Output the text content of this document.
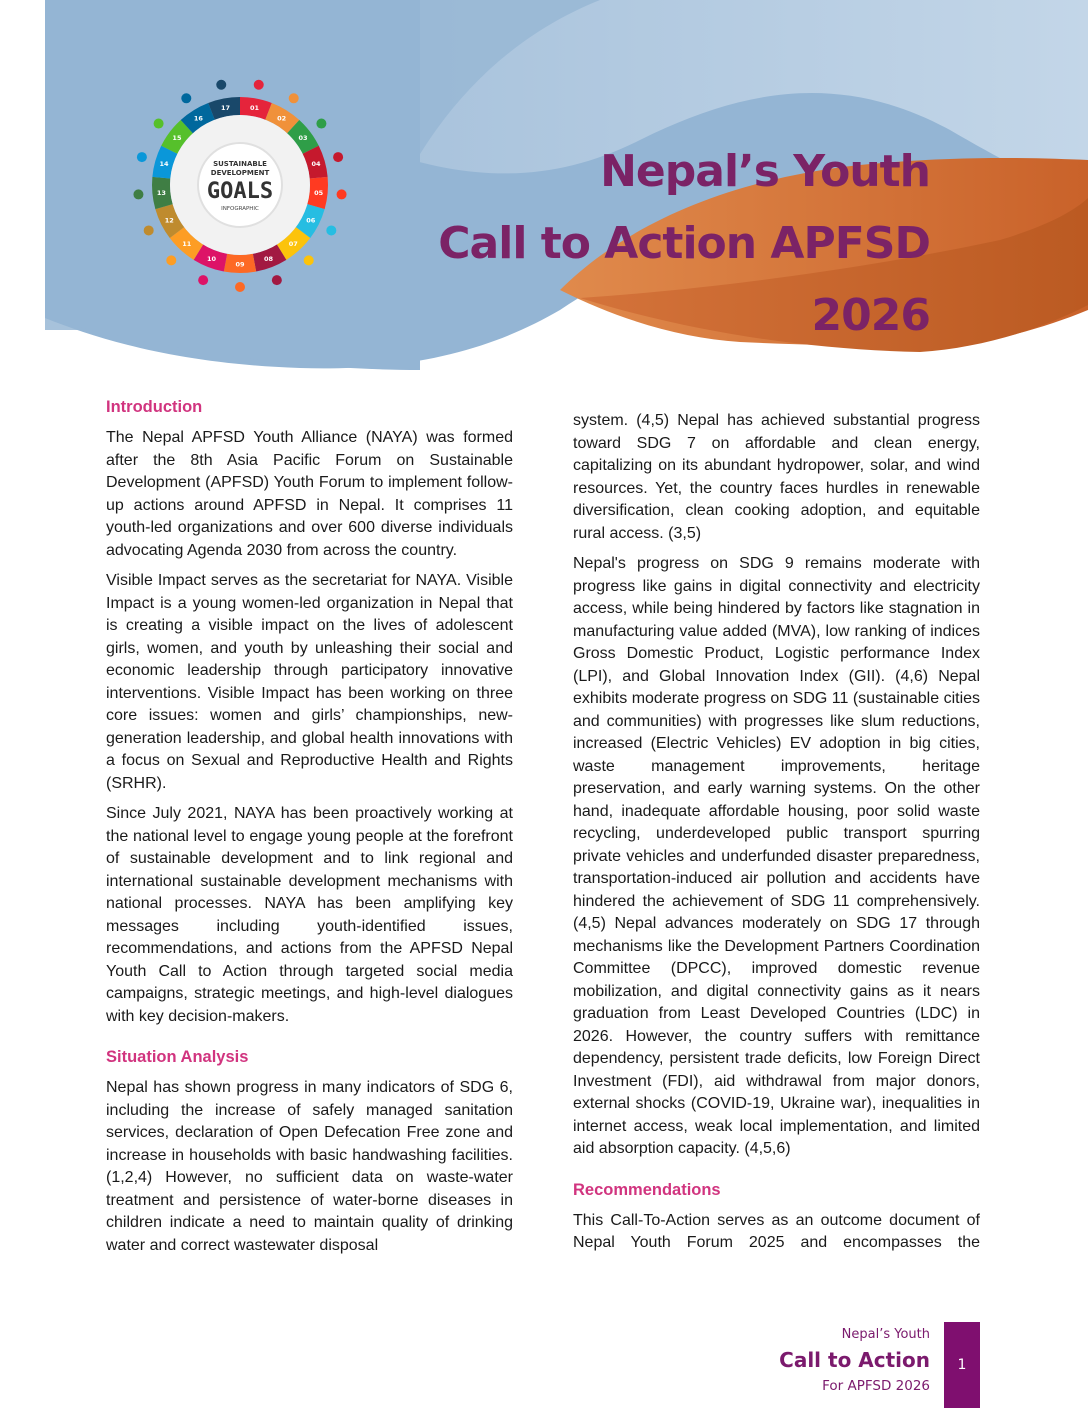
01
02
03
04
05
06
07
08
09
10
11
12
13
14
15
16
17
SUSTAINABLE
DEVELOPMENT
GOALS
INFOGRAPHIC
Nepal’s Youth
Call to Action APFSD
2026
Introduction

The Nepal APFSD Youth Alliance (NAYA) was formed after the 8th Asia Pacific Forum on Sustainable Development (APFSD) Youth Forum to implement follow-up actions around APFSD in Nepal. It comprises 11 youth-led organizations and over 600 diverse individuals advocating Agenda 2030 from across the country.

Visible Impact serves as the secretariat for NAYA. Visible Impact is a young women-led organization in Nepal that is creating a visible impact on the lives of adolescent girls, women, and youth by unleashing their social and economic leadership through participatory innovative interventions. Visible Impact has been working on three core issues: women and girls’ championships, new-generation leadership, and global health innovations with a focus on Sexual and Reproductive Health and Rights (SRHR).

Since July 2021, NAYA has been proactively working at the national level to engage young people at the forefront of sustainable development and to link regional and international sustainable development mechanisms with national processes. NAYA has been amplifying key messages including youth-identified issues, recommendations, and actions from the APFSD Nepal Youth Call to Action through targeted social media campaigns, strategic meetings, and high-level dialogues with key decision-makers.

Situation Analysis

Nepal has shown progress in many indicators of SDG 6, including the increase of safely managed sanitation services, declaration of Open Defecation Free zone and increase in households with basic handwashing facilities.(1,2,4) However, no sufficient data on waste-water treatment and persistence of water-borne diseases in children indicate a need to maintain quality of drinking water and correct wastewater disposal

system. (4,5) Nepal has achieved substantial progress toward SDG 7 on affordable and clean energy, capitalizing on its abundant hydropower, solar, and wind resources. Yet, the country faces hurdles in renewable diversification, clean cooking adoption, and equitable rural access. (3,5)

Nepal's progress on SDG 9 remains moderate with progress like gains in digital connectivity and electricity access, while being hindered by factors like stagnation in manufacturing value added (MVA), low ranking of indices Gross Domestic Product, Logistic performance Index (LPI), and Global Innovation Index (GII). (4,6) Nepal exhibits moderate progress on SDG 11 (sustainable cities and communities) with progresses like slum reductions, increased (Electric Vehicles) EV adoption in big cities, waste management improvements, heritage preservation, and early warning systems. On the other hand, inadequate affordable housing, poor solid waste recycling, underdeveloped public transport spurring private vehicles and underfunded disaster preparedness, transportation-induced air pollution and accidents have hindered the achievement of SDG 11 comprehensively.(4,5) Nepal advances moderately on SDG 17 through mechanisms like the Development Partners Coordination Committee (DPCC), improved domestic revenue mobilization, and digital connectivity gains as it nears graduation from Least Developed Countries (LDC) in 2026. However, the country suffers with remittance dependency, persistent trade deficits, low Foreign Direct Investment (FDI), aid withdrawal from major donors, external shocks (COVID-19, Ukraine war), inequalities in internet access, weak local implementation, and limited aid absorption capacity. (4,5,6)

Recommendations

This Call-To-Action serves as an outcome document of Nepal Youth Forum 2025 and encompasses the

Nepal’s Youth
Call to Action
For APFSD 2026
1
